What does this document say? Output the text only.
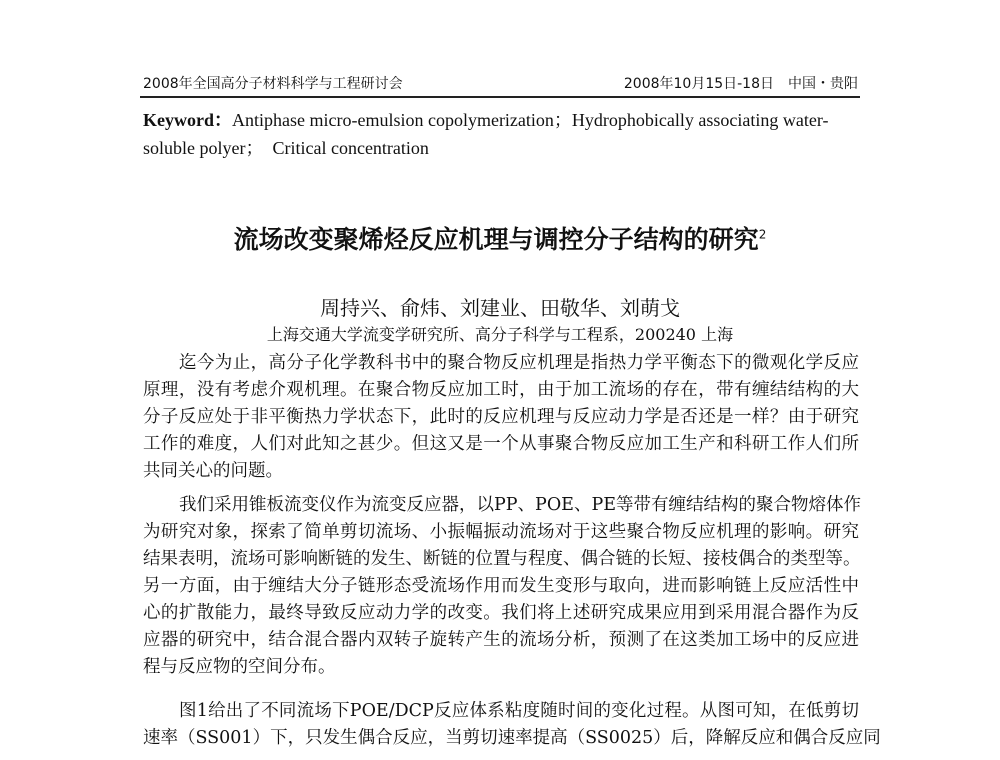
2008年全国高分子材料科学与工程研讨会	2008年10月15日-18日　中国・贵阳
Keyword：Antiphase micro-emulsion copolymerization；Hydrophobically associating water-soluble polyer；　Critical concentration
流场改变聚烯烃反应机理与调控分子结构的研究$^2$
周持兴、俞炜、刘建业、田敬华、刘萌戈
上海交通大学流变学研究所、高分子科学与工程系，200240 上海
迄今为止，高分子化学教科书中的聚合物反应机理是指热力学平衡态下的微观化学反应
原理，没有考虑介观机理。在聚合物反应加工时，由于加工流场的存在，带有缠结结构的大
分子反应处于非平衡热力学状态下，此时的反应机理与反应动力学是否还是一样？由于研究
工作的难度，人们对此知之甚少。但这又是一个从事聚合物反应加工生产和科研工作人们所
共同关心的问题。
我们采用锥板流变仪作为流变反应器，以PP、POE、PE等带有缠结结构的聚合物熔体作
为研究对象，探索了简单剪切流场、小振幅振动流场对于这些聚合物反应机理的影响。研究
结果表明，流场可影响断链的发生、断链的位置与程度、偶合链的长短、接枝偶合的类型等。
另一方面，由于缠结大分子链形态受流场作用而发生变形与取向，进而影响链上反应活性中
心的扩散能力，最终导致反应动力学的改变。我们将上述研究成果应用到采用混合器作为反
应器的研究中，结合混合器内双转子旋转产生的流场分析，预测了在这类加工场中的反应进
程与反应物的空间分布。
图1给出了不同流场下POE/DCP反应体系粘度随时间的变化过程。从图可知，在低剪切
速率（SS001）下，只发生偶合反应，当剪切速率提高（SS0025）后，降解反应和偶合反应同
